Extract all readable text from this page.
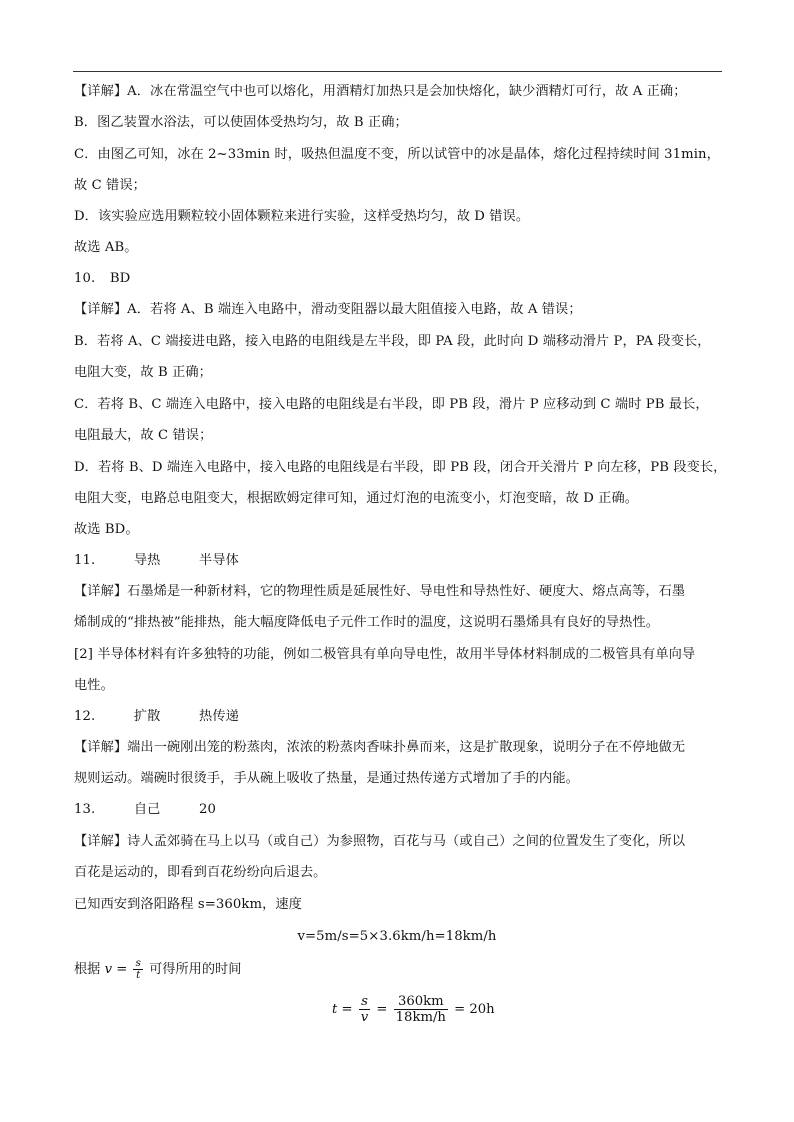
【详解】A．冰在常温空气中也可以熔化，用酒精灯加热只是会加快熔化，缺少酒精灯可行，故 A 正确；
B．图乙装置水浴法，可以使固体受热均匀，故 B 正确；
C．由图乙可知，冰在 2~33min 时，吸热但温度不变，所以试管中的冰是晶体，熔化过程持续时间 31min，
故 C 错误；
D．该实验应选用颗粒较小固体颗粒来进行实验，这样受热均匀，故 D 错误。
故选 AB。
10. BD
【详解】A．若将 A、B 端连入电路中，滑动变阻器以最大阻值接入电路，故 A 错误；
B．若将 A、C 端接进电路，接入电路的电阻线是左半段，即 PA 段，此时向 D 端移动滑片 P，PA 段变长，
电阻大变，故 B 正确；
C．若将 B、C 端连入电路中，接入电路的电阻线是右半段，即 PB 段，滑片 P 应移动到 C 端时 PB 最长，
电阻最大，故 C 错误；
D．若将 B、D 端连入电路中，接入电路的电阻线是右半段，即 PB 段，闭合开关滑片 P 向左移，PB 段变长，
电阻大变，电路总电阻变大，根据欧姆定律可知，通过灯泡的电流变小，灯泡变暗，故 D 正确。
故选 BD。
11.	导热	半导体
【详解】石墨烯是一种新材料，它的物理性质是延展性好、导电性和导热性好、硬度大、熔点高等，石墨
烯制成的“排热被”能排热，能大幅度降低电子元件工作时的温度，这说明石墨烯具有良好的导热性。
[2] 半导体材料有许多独特的功能，例如二极管具有单向导电性，故用半导体材料制成的二极管具有单向导
电性。
12.	扩散	热传递
【详解】端出一碗刚出笼的粉蒸肉，浓浓的粉蒸肉香味扑鼻而来，这是扩散现象，说明分子在不停地做无
规则运动。端碗时很烫手，手从碗上吸收了热量，是通过热传递方式增加了手的内能。
13.	自己	20
【详解】诗人孟郊骑在马上以马（或自己）为参照物，百花与马（或自己）之间的位置发生了变化，所以
百花是运动的，即看到百花纷纷向后退去。
已知西安到洛阳路程 s=360km，速度
v=5m/s=5×3.6km/h=18km/h
根据 $v = \frac{s}{t}$ 可得所用的时间
$t = \frac{s}{v} = \frac{360km}{18km/h} = 20h$
